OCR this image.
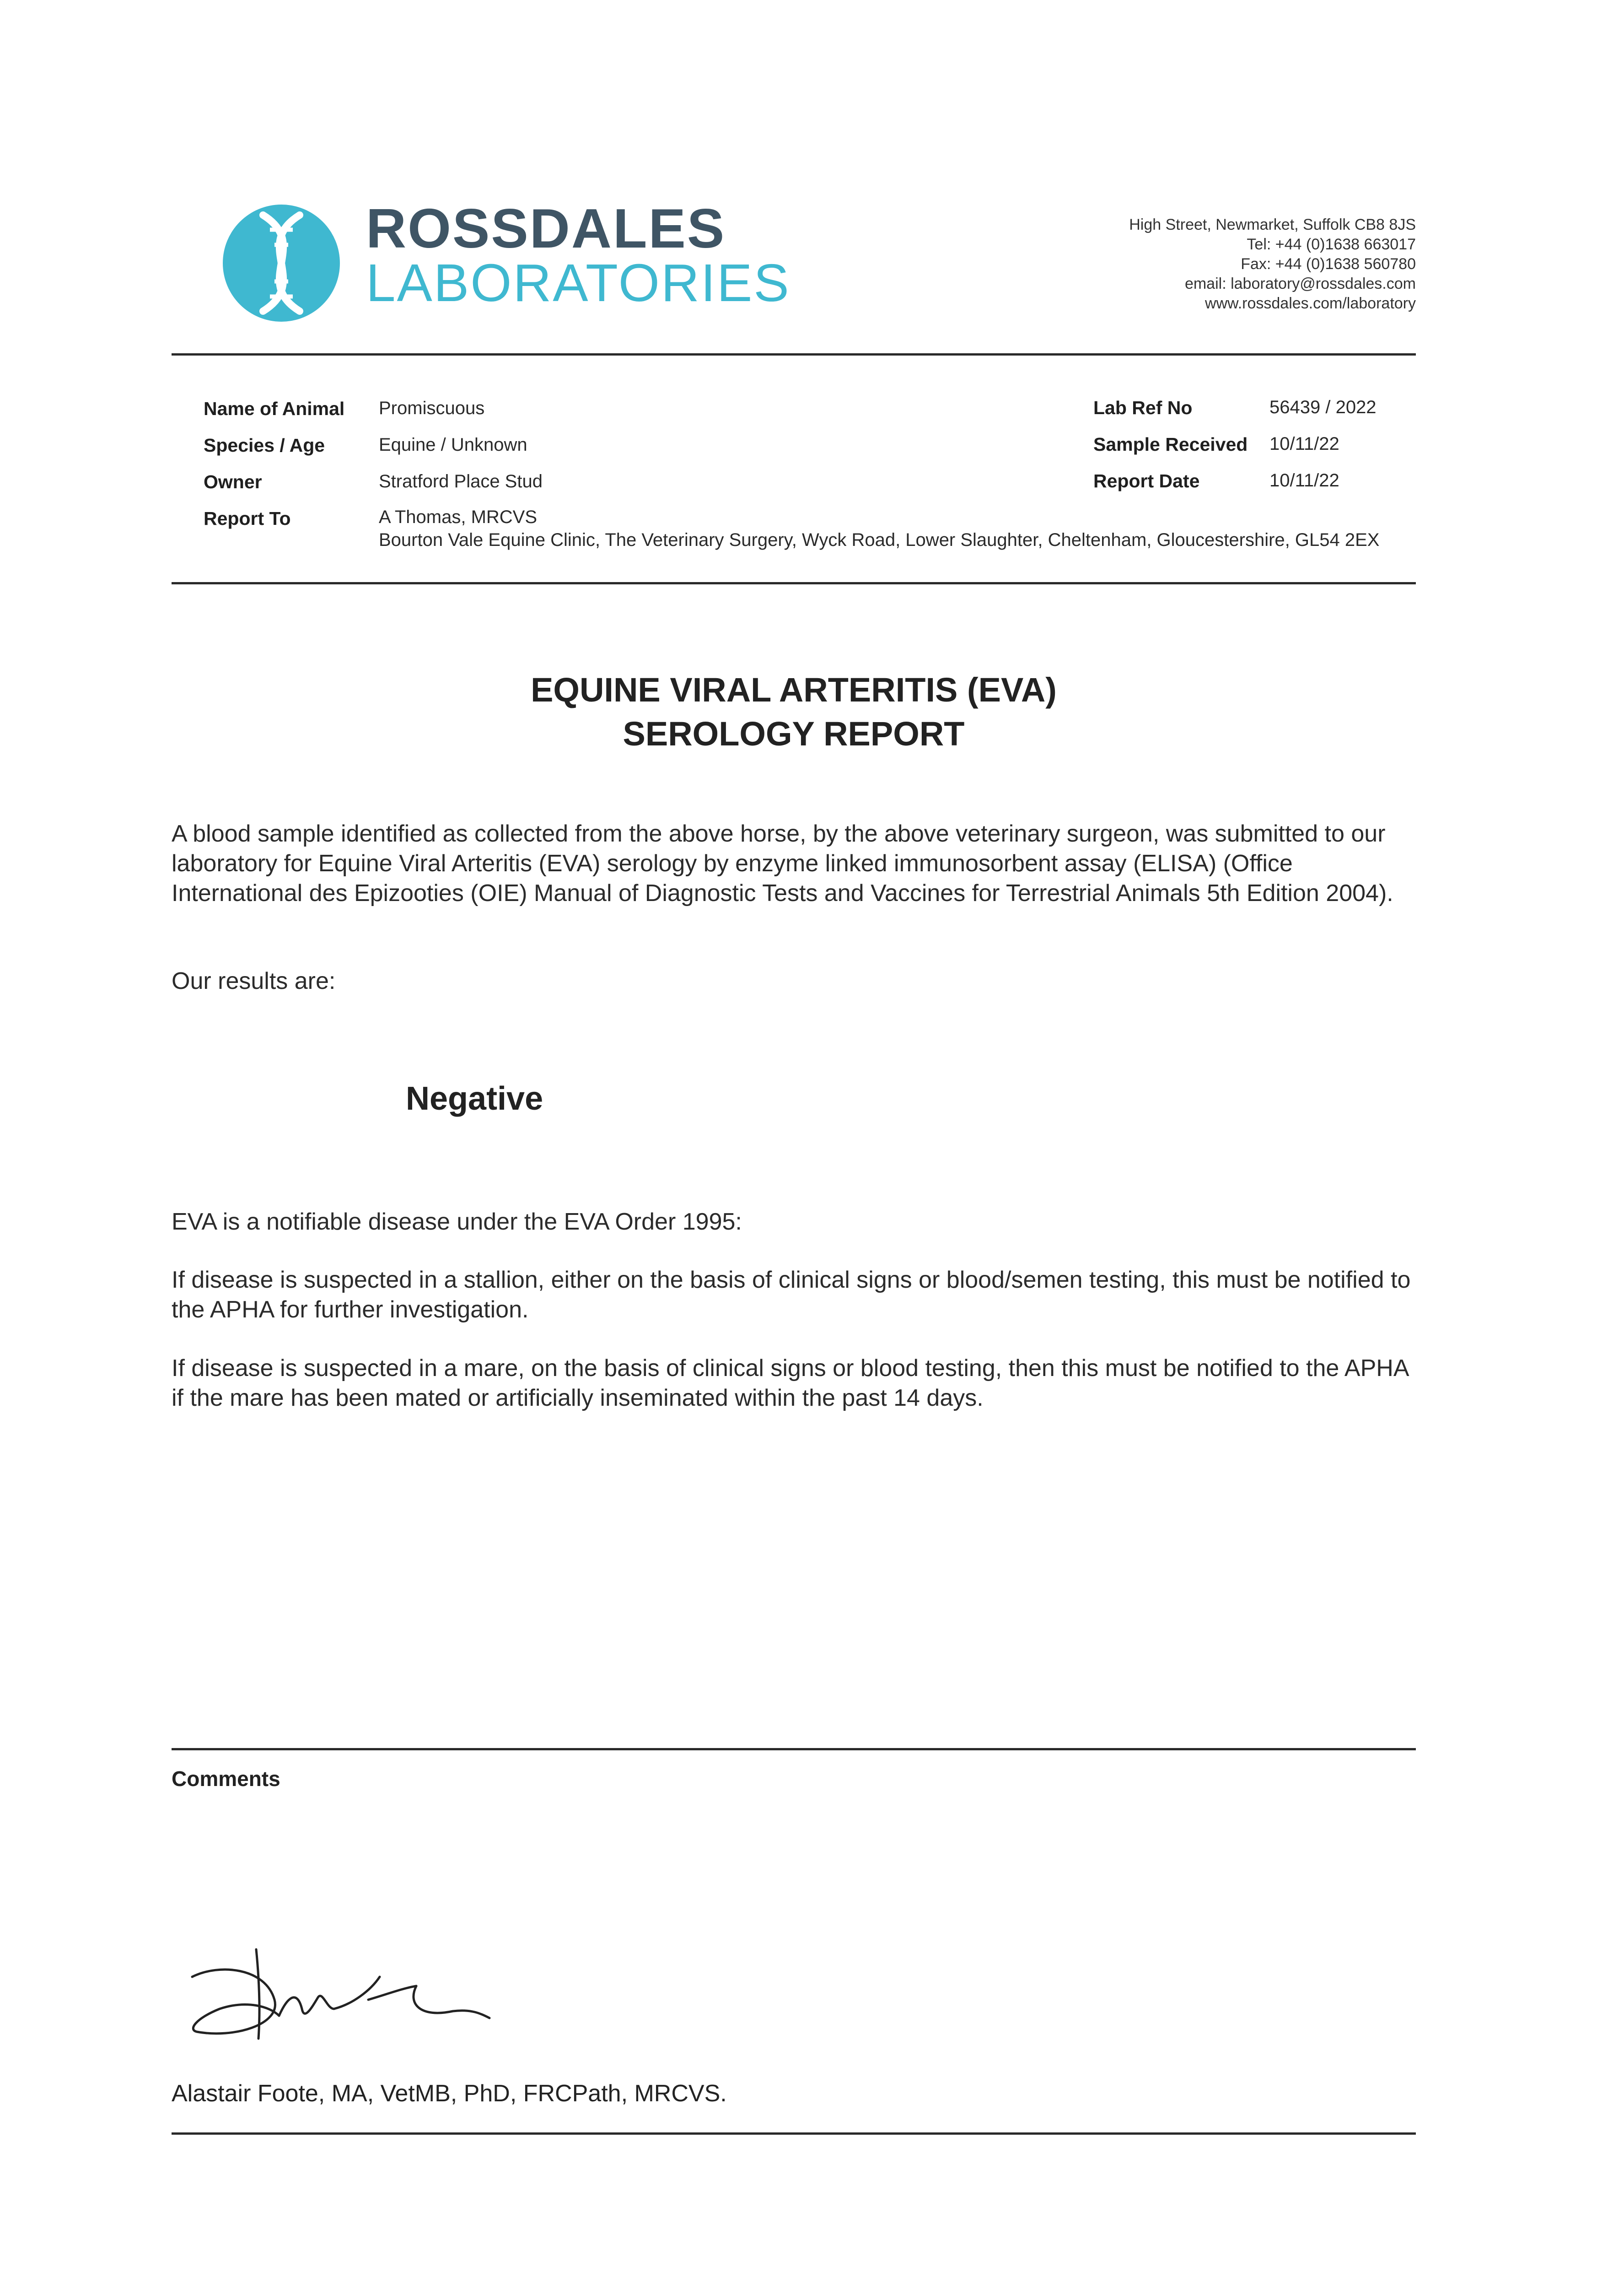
ROSSDALES
LABORATORIES
High Street, Newmarket, Suffolk CB8 8JS
Tel: +44 (0)1638 663017
Fax: +44 (0)1638 560780
email: laboratory@rossdales.com
www.rossdales.com/laboratory
Name of Animal Promiscuous
Species / Age	Equine / Unknown
Owner	Stratford Place Stud
Report To	A Thomas, MRCVS
Bourton Vale Equine Clinic, The Veterinary Surgery, Wyck Road, Lower Slaughter, Cheltenham, Gloucestershire, GL54 2EX
Lab Ref No	56439 / 2022
Sample Received 10/11/22
Report Date	10/11/22
EQUINE VIRAL ARTERITIS (EVA)
SEROLOGY REPORT
A blood sample identified as collected from the above horse, by the above veterinary surgeon, was submitted to our laboratory for Equine Viral Arteritis (EVA) serology by enzyme linked immunosorbent assay (ELISA) (Office International des Epizooties (OIE) Manual of Diagnostic Tests and Vaccines for Terrestrial Animals 5th Edition 2004).
Our results are:
Negative
EVA is a notifiable disease under the EVA Order 1995:
If disease is suspected in a stallion, either on the basis of clinical signs or blood/semen testing, this must be notified to the APHA for further investigation.
If disease is suspected in a mare, on the basis of clinical signs or blood testing, then this must be notified to the APHA if the mare has been mated or artificially inseminated within the past 14 days.
Comments
Alastair Foote, MA, VetMB, PhD, FRCPath, MRCVS.
